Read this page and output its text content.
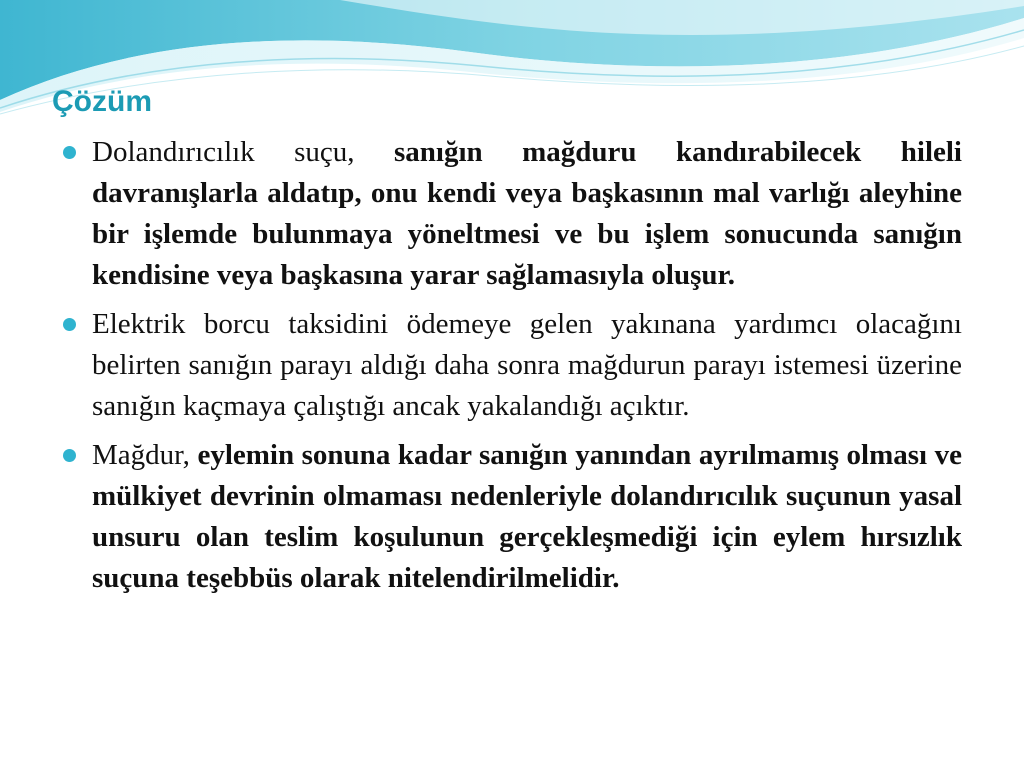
Çözüm
Dolandırıcılık suçu, sanığın mağduru kandırabilecek hileli davranışlarla aldatıp, onu kendi veya başkasının mal varlığı aleyhine bir işlemde bulunmaya yöneltmesi ve bu işlem sonucunda sanığın kendisine veya başkasına yarar sağlamasıyla oluşur.
Elektrik borcu taksidini ödemeye gelen yakınana yardımcı olacağını belirten sanığın parayı aldığı daha sonra mağdurun parayı istemesi üzerine sanığın kaçmaya çalıştığı ancak yakalandığı açıktır.
Mağdur, eylemin sonuna kadar sanığın yanından ayrılmamış olması ve mülkiyet devrinin olmaması nedenleriyle dolandırıcılık suçunun yasal unsuru olan teslim koşulunun gerçekleşmediği için eylem hırsızlık suçuna teşebbüs olarak nitelendirilmelidir.
